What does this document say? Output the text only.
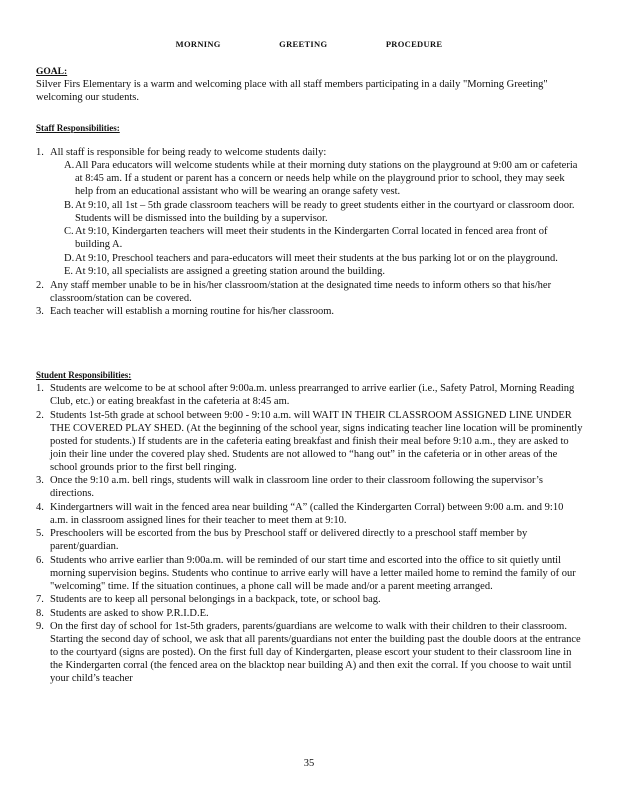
MORNING	GREETING	PROCEDURE
GOAL:
Silver Firs Elementary is a warm and welcoming place with all staff members participating in a daily "Morning Greeting" welcoming our students.
Staff Responsibilities:
1. All staff is responsible for being ready to welcome students daily:
A. All Para educators will welcome students while at their morning duty stations on the playground at 9:00 am or cafeteria at 8:45 am. If a student or parent has a concern or needs help while on the playground prior to school, they may seek help from an educational assistant who will be wearing an orange safety vest.
B. At 9:10, all 1st – 5th grade classroom teachers will be ready to greet students either in the courtyard or classroom door. Students will be dismissed into the building by a supervisor.
C. At 9:10, Kindergarten teachers will meet their students in the Kindergarten Corral located in fenced area front of building A.
D. At 9:10, Preschool teachers and para-educators will meet their students at the bus parking lot or on the playground.
E. At 9:10, all specialists are assigned a greeting station around the building.
2. Any staff member unable to be in his/her classroom/station at the designated time needs to inform others so that his/her classroom/station can be covered.
3. Each teacher will establish a morning routine for his/her classroom.
Student Responsibilities:
1. Students are welcome to be at school after 9:00a.m. unless prearranged to arrive earlier (i.e., Safety Patrol, Morning Reading Club, etc.) or eating breakfast in the cafeteria at 8:45 am.
2. Students 1st-5th grade at school between 9:00 - 9:10 a.m. will WAIT IN THEIR CLASSROOM ASSIGNED LINE UNDER THE COVERED PLAY SHED. (At the beginning of the school year, signs indicating teacher line location will be prominently posted for students.) If students are in the cafeteria eating breakfast and finish their meal before 9:10 a.m., they are asked to join their line under the covered play shed. Students are not allowed to “hang out” in the cafeteria or in other areas of the school grounds prior to the first bell ringing.
3. Once the 9:10 a.m. bell rings, students will walk in classroom line order to their classroom following the supervisor’s directions.
4. Kindergartners will wait in the fenced area near building “A” (called the Kindergarten Corral) between 9:00 a.m. and 9:10 a.m. in classroom assigned lines for their teacher to meet them at 9:10.
5. Preschoolers will be escorted from the bus by Preschool staff or delivered directly to a preschool staff member by parent/guardian.
6. Students who arrive earlier than 9:00a.m. will be reminded of our start time and escorted into the office to sit quietly until morning supervision begins. Students who continue to arrive early will have a letter mailed home to remind the family of our "welcoming" time. If the situation continues, a phone call will be made and/or a parent meeting arranged.
7. Students are to keep all personal belongings in a backpack, tote, or school bag.
8. Students are asked to show P.R.I.D.E.
9. On the first day of school for 1st-5th graders, parents/guardians are welcome to walk with their children to their classroom. Starting the second day of school, we ask that all parents/guardians not enter the building past the double doors at the entrance to the courtyard (signs are posted). On the first full day of Kindergarten, please escort your student to their classroom line in the Kindergarten corral (the fenced area on the blacktop near building A) and then exit the corral. If you choose to wait until your child’s teacher
35
